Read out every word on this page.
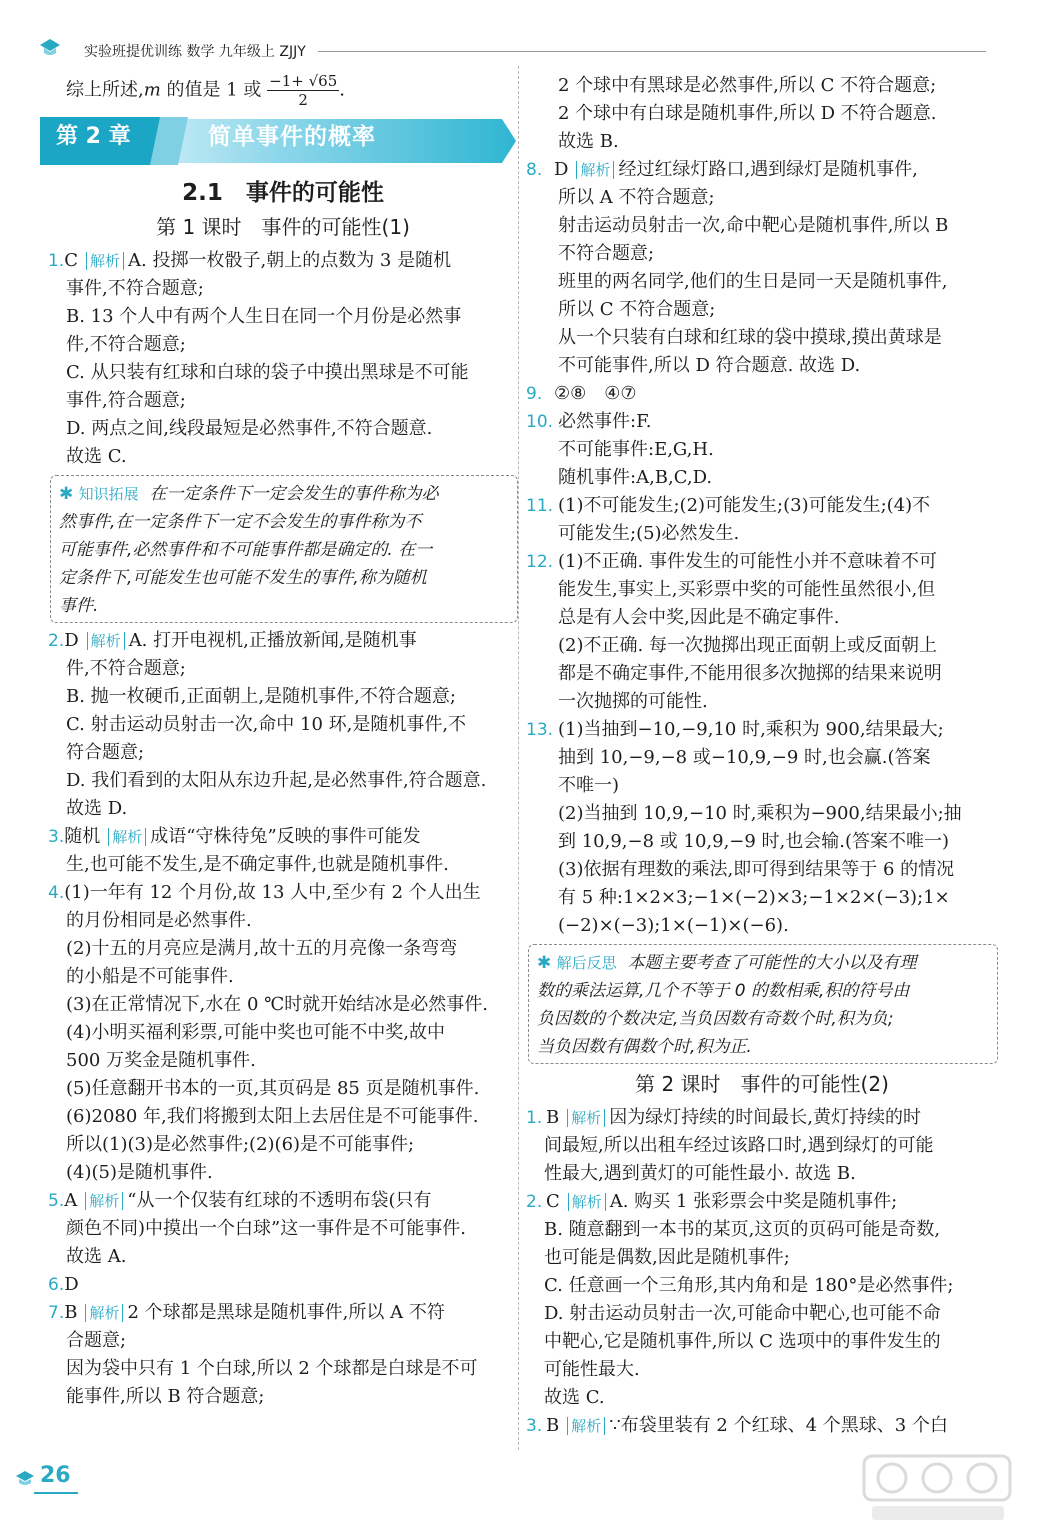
实验班提优训练 数学 九年级上 ZJJY

综上所述,m 的值是 1 或 $\frac{-1+ √65}{2}$ .

第 2 章	简单事件的概率
2.1　事件的可能性
第 1 课时　事件的可能性(1)

1.C 解析 A. 投掷一枚骰子,朝上的点数为 3 是随机

事件,不符合题意;

B. 13 个人中有两个人生日在同一个月份是必然事

件,不符合题意;

C. 从只装有红球和白球的袋子中摸出黑球是不可能

事件,符合题意;

D. 两点之间,线段最短是必然事件,不符合题意.

故选 C.

✱ 知识拓展 在一定条件下一定会发生的事件称为必
然事件,在一定条件下一定不会发生的事件称为不
可能事件,必然事件和不可能事件都是确定的. 在一
定条件下,可能发生也可能不发生的事件,称为随机
事件.

2.D 解析 A. 打开电视机,正播放新闻,是随机事

件,不符合题意;

B. 抛一枚硬币,正面朝上,是随机事件,不符合题意;

C. 射击运动员射击一次,命中 10 环,是随机事件,不

符合题意;

D. 我们看到的太阳从东边升起,是必然事件,符合题意.

故选 D.

3.随机 解析 成语“守株待兔”反映的事件可能发

生,也可能不发生,是不确定事件,也就是随机事件.

4.(1)一年有 12 个月份,故 13 人中,至少有 2 个人出生

的月份相同是必然事件.

(2)十五的月亮应是满月,故十五的月亮像一条弯弯

的小船是不可能事件.

(3)在正常情况下,水在 0 ℃时就开始结冰是必然事件.

(4)小明买福利彩票,可能中奖也可能不中奖,故中

500 万奖金是随机事件.

(5)任意翻开书本的一页,其页码是 85 页是随机事件.

(6)2080 年,我们将搬到太阳上去居住是不可能事件.

所以(1)(3)是必然事件;(2)(6)是不可能事件;

(4)(5)是随机事件.

5.A 解析 “从一个仅装有红球的不透明布袋(只有

颜色不同)中摸出一个白球”这一事件是不可能事件.

故选 A.

6.D

7.B 解析 2 个球都是黑球是随机事件,所以 A 不符

合题意;

因为袋中只有 1 个白球,所以 2 个球都是白球是不可

能事件,所以 B 符合题意;

2 个球中有黑球是必然事件,所以 C 不符合题意;

2 个球中有白球是随机事件,所以 D 不符合题意.

故选 B.

8. D 解析 经过红绿灯路口,遇到绿灯是随机事件,

所以 A 不符合题意;

射击运动员射击一次,命中靶心是随机事件,所以 B

不符合题意;

班里的两名同学,他们的生日是同一天是随机事件,

所以 C 不符合题意;

从一个只装有白球和红球的袋中摸球,摸出黄球是

不可能事件,所以 D 符合题意. 故选 D.

9. ②⑧　④⑦

10. 必然事件:F.

不可能事件:E,G,H.

随机事件:A,B,C,D.

11. (1)不可能发生;(2)可能发生;(3)可能发生;(4)不

可能发生;(5)必然发生.

12. (1)不正确. 事件发生的可能性小并不意味着不可

能发生,事实上,买彩票中奖的可能性虽然很小,但

总是有人会中奖,因此是不确定事件.

(2)不正确. 每一次抛掷出现正面朝上或反面朝上

都是不确定事件,不能用很多次抛掷的结果来说明

一次抛掷的可能性.

13. (1)当抽到−10,−9,10 时,乘积为 900,结果最大;

抽到 10,−9,−8 或−10,9,−9 时,也会赢.(答案

不唯一)

(2)当抽到 10,9,−10 时,乘积为−900,结果最小;抽

到 10,9,−8 或 10,9,−9 时,也会输.(答案不唯一)

(3)依据有理数的乘法,即可得到结果等于 6 的情况

有 5 种:1×2×3;−1×(−2)×3;−1×2×(−3);1×

(−2)×(−3);1×(−1)×(−6).

✱ 解后反思 本题主要考查了可能性的大小以及有理
数的乘法运算,几个不等于 0 的数相乘,积的符号由
负因数的个数决定,当负因数有奇数个时,积为负;
当负因数有偶数个时,积为正.
第 2 课时　事件的可能性(2)

1. B 解析 因为绿灯持续的时间最长,黄灯持续的时

间最短,所以出租车经过该路口时,遇到绿灯的可能

性最大,遇到黄灯的可能性最小. 故选 B.

2. C 解析 A. 购买 1 张彩票会中奖是随机事件;

B. 随意翻到一本书的某页,这页的页码可能是奇数,

也可能是偶数,因此是随机事件;

C. 任意画一个三角形,其内角和是 180°是必然事件;

D. 射击运动员射击一次,可能命中靶心,也可能不命

中靶心,它是随机事件,所以 C 选项中的事件发生的

可能性最大.

故选 C.

3. B 解析 ∵布袋里装有 2 个红球、4 个黑球、3 个白

26
